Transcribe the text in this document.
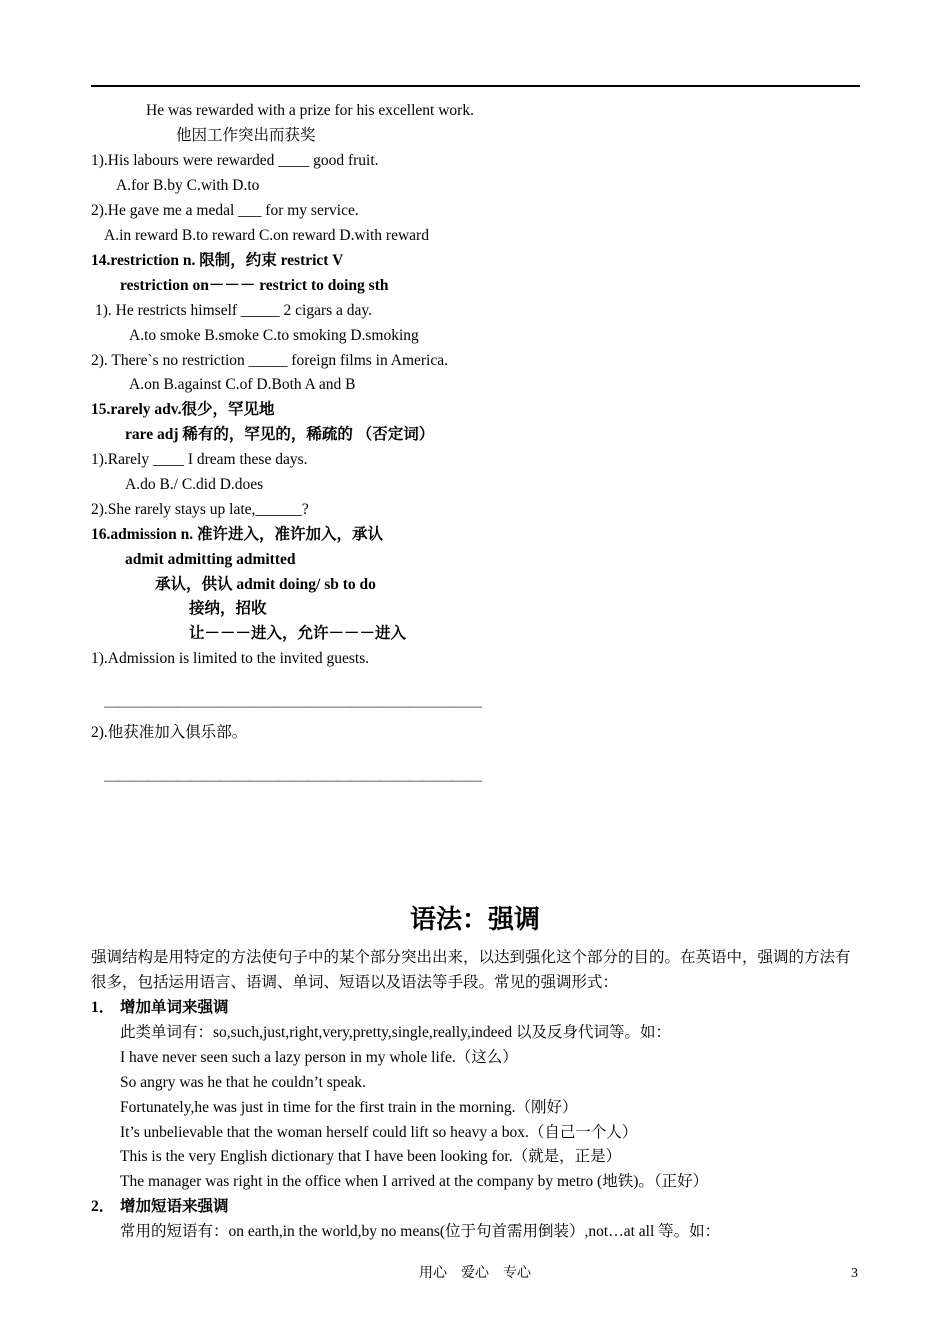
He was rewarded with a prize for his excellent work.
他因工作突出而获奖
1).His labours were rewarded ____ good fruit.
A.for B.by C.with D.to
2).He gave me a medal ___ for my service.
A.in reward B.to reward C.on reward D.with reward
14.restriction n. 限制，约束 restrict V
restriction on－－－ restrict to doing sth
1). He restricts himself _____ 2 cigars a day.
A.to smoke B.smoke C.to smoking D.smoking
2). There`s no restriction _____ foreign films in America.
A.on B.against C.of D.Both A and B
15.rarely adv.很少，罕见地
rare adj 稀有的，罕见的，稀疏的 （否定词）
1).Rarely ____ I dream these days.
A.do B./ C.did D.does
2).She rarely stays up late,______?
16.admission n. 准许进入，准许加入，承认
admit admitting admitted
承认，供认 admit doing/ sb to do
接纳，招收
让－－－进入，允许－－－进入
1).Admission is limited to the invited guests.
——————————————————————————
2).他获准加入俱乐部。
——————————————————————————
语法：强调
强调结构是用特定的方法使句子中的某个部分突出出来，以达到强化这个部分的目的。在英语中，强调的方法有很多，包括运用语言、语调、单词、短语以及语法等手段。常见的强调形式：
1． 增加单词来强调
此类单词有：so,such,just,right,very,pretty,single,really,indeed 以及反身代词等。如：
I have never seen such a lazy person in my whole life.（这么）
So angry was he that he couldn’t speak.
Fortunately,he was just in time for the first train in the morning.（刚好）
It’s unbelievable that the woman herself could lift so heavy a box.（自己一个人）
This is the very English dictionary that I have been looking for.（就是，正是）
The manager was right in the office when I arrived at the company by metro (地铁)。（正好）
2． 增加短语来强调
常用的短语有：on earth,in the world,by no means(位于句首需用倒装）,not…at all 等。如：
用心    爱心    专心	3
